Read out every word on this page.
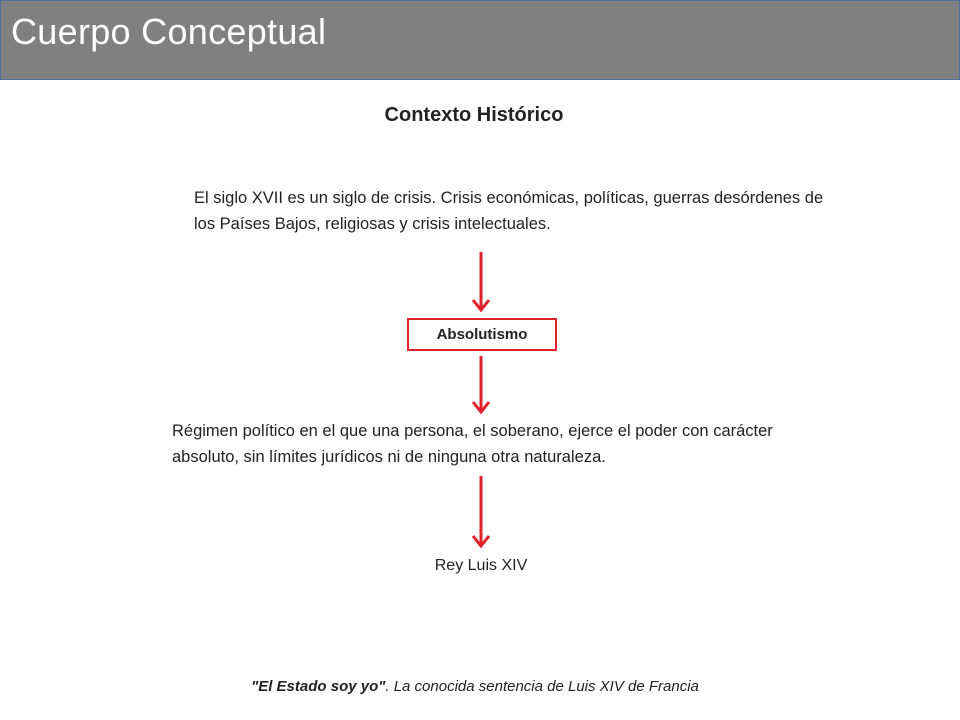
Cuerpo Conceptual
Contexto Histórico
El siglo XVII es un siglo de crisis. Crisis económicas, políticas, guerras desórdenes de los Países Bajos, religiosas y crisis intelectuales.
Absolutismo
Régimen político en el que una persona, el soberano, ejerce el poder con carácter absoluto, sin límites jurídicos ni de ninguna otra naturaleza.
Rey Luis XIV
"El Estado soy yo". La conocida sentencia de Luis XIV de Francia
